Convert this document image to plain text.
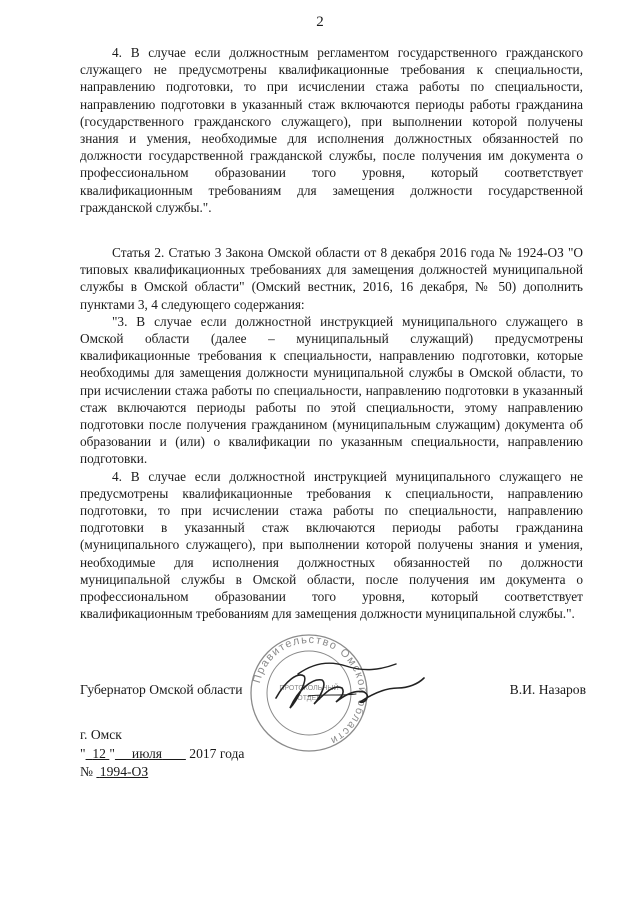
2

4. В случае если должностным регламентом государственного гражданского служащего не предусмотрены квалификационные требования к специальности, направлению подготовки, то при исчислении стажа работы по специальности, направлению подготовки в указанный стаж включаются периоды работы гражданина (государственного гражданского служащего), при выполнении которой получены знания и умения, необходимые для исполнения должностных обязанностей по должности государственной гражданской службы, после получения им документа о профессиональном образовании того уровня, который соответствует квалификационным требованиям для замещения должности государственной гражданской службы.".

Статья 2. Статью 3 Закона Омской области от 8 декабря 2016 года № 1924-ОЗ "О типовых квалификационных требованиях для замещения должностей муниципальной службы в Омской области" (Омский вестник, 2016, 16 декабря, № 50) дополнить пунктами 3, 4 следующего содержания:

"3. В случае если должностной инструкцией муниципального служащего в Омской области (далее – муниципальный служащий) предусмотрены квалификационные требования к специальности, направлению подготовки, которые необходимы для замещения должности муниципальной службы в Омской области, то при исчислении стажа работы по специальности, направлению подготовки в указанный стаж включаются периоды работы по этой специальности, этому направлению подготовки после получения гражданином (муниципальным служащим) документа об образовании и (или) о квалификации по указанным специальности, направлению подготовки.

4. В случае если должностной инструкцией муниципального служащего не предусмотрены квалификационные требования к специальности, направлению подготовки, то при исчислении стажа работы по специальности, направлению подготовки в указанный стаж включаются периоды работы гражданина (муниципального служащего), при выполнении которой получены знания и умения, необходимые для исполнения должностных обязанностей по должности муниципальной службы в Омской области, после получения им документа о профессиональном образовании того уровня, который соответствует квалификационным требованиям для замещения должности муниципальной службы.".

Правительство Омской области
ПРОТОКОЛЬНЫЙ
ОТДЕЛ
Губернатор Омской области	В.И. Назаров
г. Омск
" 12 " июля 2017 года
№ 1994-ОЗ
